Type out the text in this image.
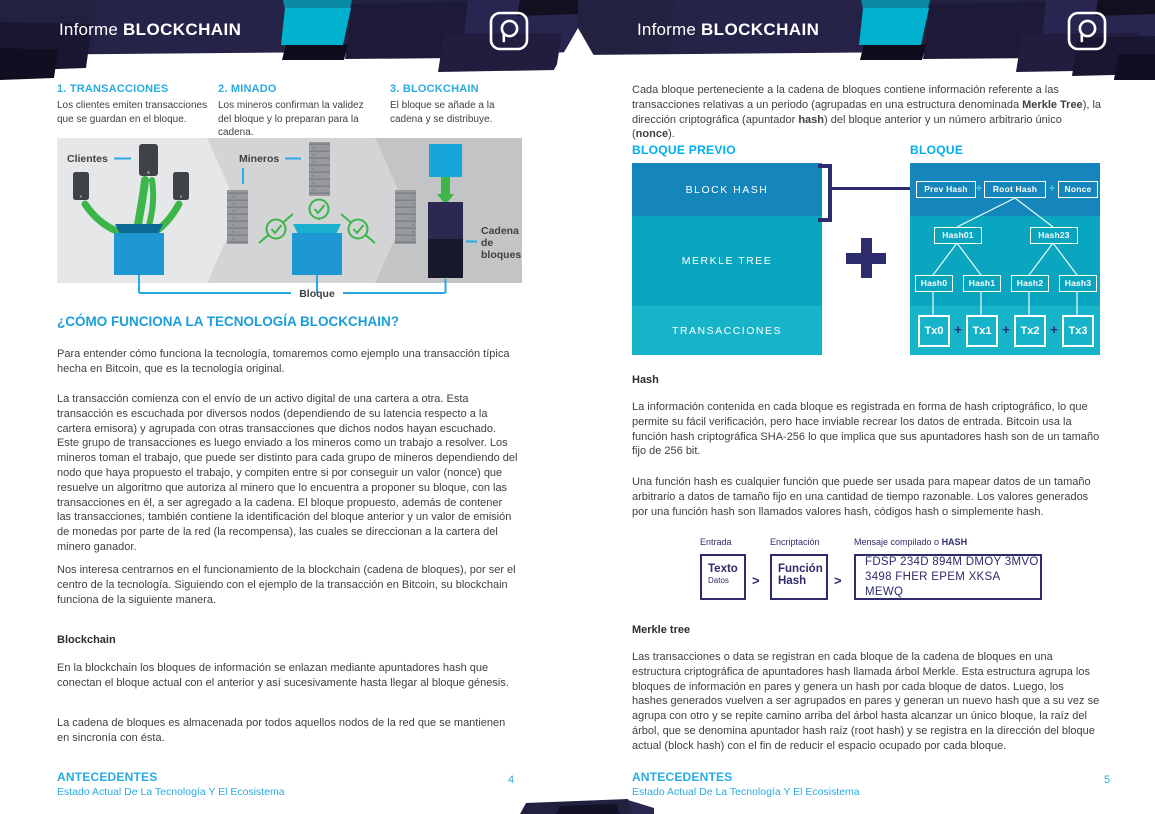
Informe BLOCKCHAIN
1. TRANSACCIONES

Los clientes emiten transacciones que se guardan en el bloque.

2. MINADO

Los mineros confirman la validez del bloque y lo preparan para la cadena.

3. BLOCKCHAIN

El bloque se añade a la cadena y se distribuye.

Clientes	Mineros
Cadena
de
bloques
Bloque
¿CÓMO FUNCIONA LA TECNOLOGÍA BLOCKCHAIN?

Para entender cómo funciona la tecnología, tomaremos como ejemplo una transacción típica hecha en Bitcoin, que es la tecnología original.

La transacción comienza con el envío de un activo digital de una cartera a otra. Esta transacción es escuchada por diversos nodos (dependiendo de su latencia respecto a la cartera emisora) y agrupada con otras transacciones que dichos nodos hayan escuchado. Este grupo de transacciones es luego enviado a los mineros como un trabajo a resolver. Los mineros toman el trabajo, que puede ser distinto para cada grupo de mineros dependiendo del nodo que haya propuesto el trabajo, y compiten entre si por conseguir un valor (nonce) que resuelve un algoritmo que autoriza al minero que lo encuentra a proponer su bloque, con las transacciones en él, a ser agregado a la cadena. El bloque propuesto, además de contener las transacciones, también contiene la identificación del bloque anterior y un valor de emisión de monedas por parte de la red (la recompensa), las cuales se direccionan a la cartera del minero ganador.

Nos interesa centrarnos en el funcionamiento de la blockchain (cadena de bloques), por ser el centro de la tecnología. Siguiendo con el ejemplo de la transacción en Bitcoin, su blockchain funciona de la siguiente manera.

Blockchain

En la blockchain los bloques de información se enlazan mediante apuntadores hash que conectan el bloque actual con el anterior y así sucesivamente hasta llegar al bloque génesis.

La cadena de bloques es almacenada por todos aquellos nodos de la red que se mantienen en sincronía con ésta.

ANTECEDENTES

Estado Actual De La Tecnología Y El Ecosistema

4
Informe BLOCKCHAIN

Cada bloque perteneciente a la cadena de bloques contiene información referente a las transacciones relativas a un periodo (agrupadas en una estructura denominada Merkle Tree), la dirección criptográfica (apuntador hash) del bloque anterior y un número arbitrario único (nonce).

BLOQUE PREVIO	BLOQUE
BLOCK HASH
MERKLE TREE
TRANSACCIONES
Prev Hash +	Root Hash	+	Nonce
Hash01	Hash23
Hash0	Hash1	Hash2	Hash3
Tx0 + Tx1 + Tx2 + Tx3
Hash

La información contenida en cada bloque es registrada en forma de hash criptográfico, lo que permite su fácil verificación, pero hace inviable recrear los datos de entrada. Bitcoin usa la función hash criptográfica SHA-256 lo que implica que sus apuntadores hash son de un tamaño fijo de 256 bit.

Una función hash es cualquier función que puede ser usada para mapear datos de un tamaño arbitrario a datos de tamaño fijo en una cantidad de tiempo razonable. Los valores generados por una función hash son llamados valores hash, códigos hash o simplemente hash.

Entrada	Encriptación	Mensaje compilado o HASH

Texto
Datos	>
Función
Hash	>
FDSP 234D 894M DMOY 3MVO
3498 FHER EPEM XKSA MEWQ
Merkle tree

Las transacciones o data se registran en cada bloque de la cadena de bloques en una estructura criptográfica de apuntadores hash llamada árbol Merkle. Esta estructura agrupa los bloques de información en pares y genera un hash por cada bloque de datos. Luego, los hashes generados vuelven a ser agrupados en pares y generan un nuevo hash que a su vez se agrupa con otro y se repite camino arriba del árbol hasta alcanzar un único bloque, la raíz del árbol, que se denomina apuntador hash raíz (root hash) y se registra en la dirección del bloque actual (block hash) con el fin de reducir el espacio ocupado por cada bloque.

ANTECEDENTES

Estado Actual De La Tecnología Y El Ecosistema

5
